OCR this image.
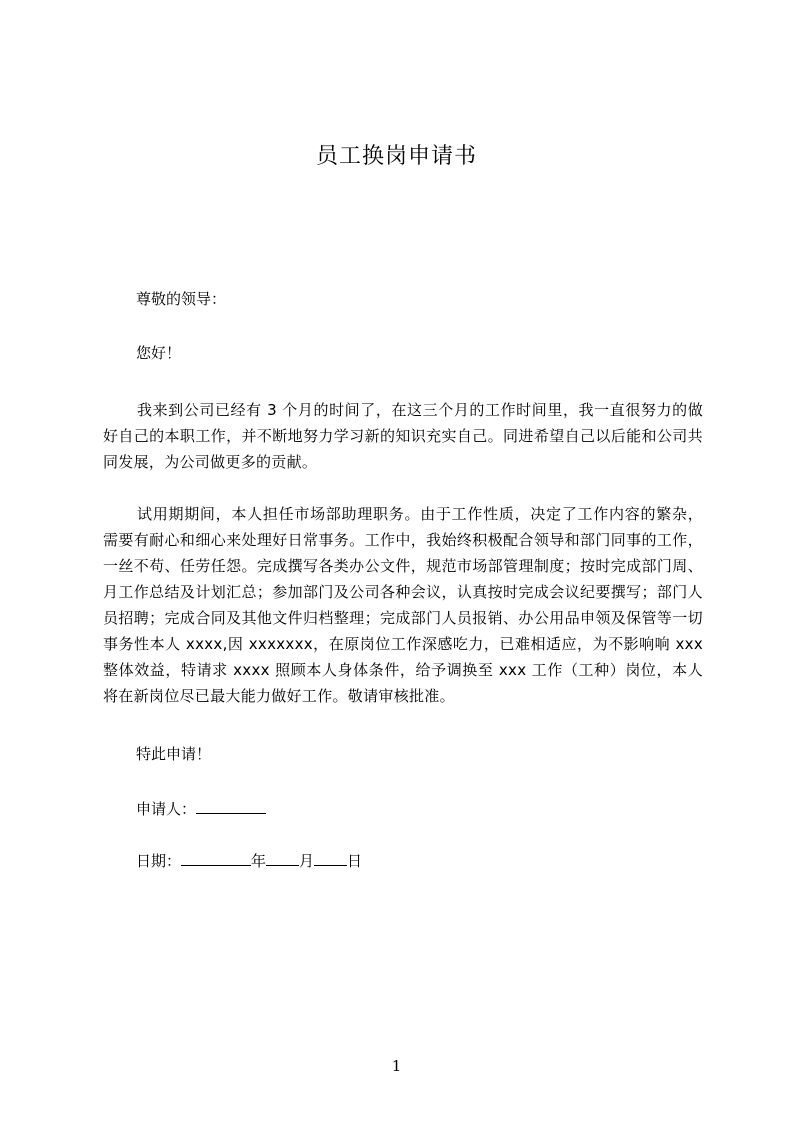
员工换岗申请书
尊敬的领导：
您好！
我来到公司已经有 3 个月的时间了，在这三个月的工作时间里，我一直很努力的做好自己的本职工作，并不断地努力学习新的知识充实自己。同进希望自己以后能和公司共同发展，为公司做更多的贡献。
试用期期间，本人担任市场部助理职务。由于工作性质，决定了工作内容的繁杂，需要有耐心和细心来处理好日常事务。工作中，我始终积极配合领导和部门同事的工作，一丝不苟、任劳任怨。完成撰写各类办公文件，规范市场部管理制度；按时完成部门周、月工作总结及计划汇总；参加部门及公司各种会议，认真按时完成会议纪要撰写；部门人员招聘；完成合同及其他文件归档整理；完成部门人员报销、办公用品申领及保管等一切事务性本人 xxxx,因 xxxxxxx，在原岗位工作深感吃力，已难相适应，为不影响响 xxx 整体效益，特请求 xxxx 照顾本人身体条件，给予调换至 xxx 工作（工种）岗位，本人将在新岗位尽已最大能力做好工作。敬请审核批准。
特此申请！
申请人：
日期：	年 月 日
1
